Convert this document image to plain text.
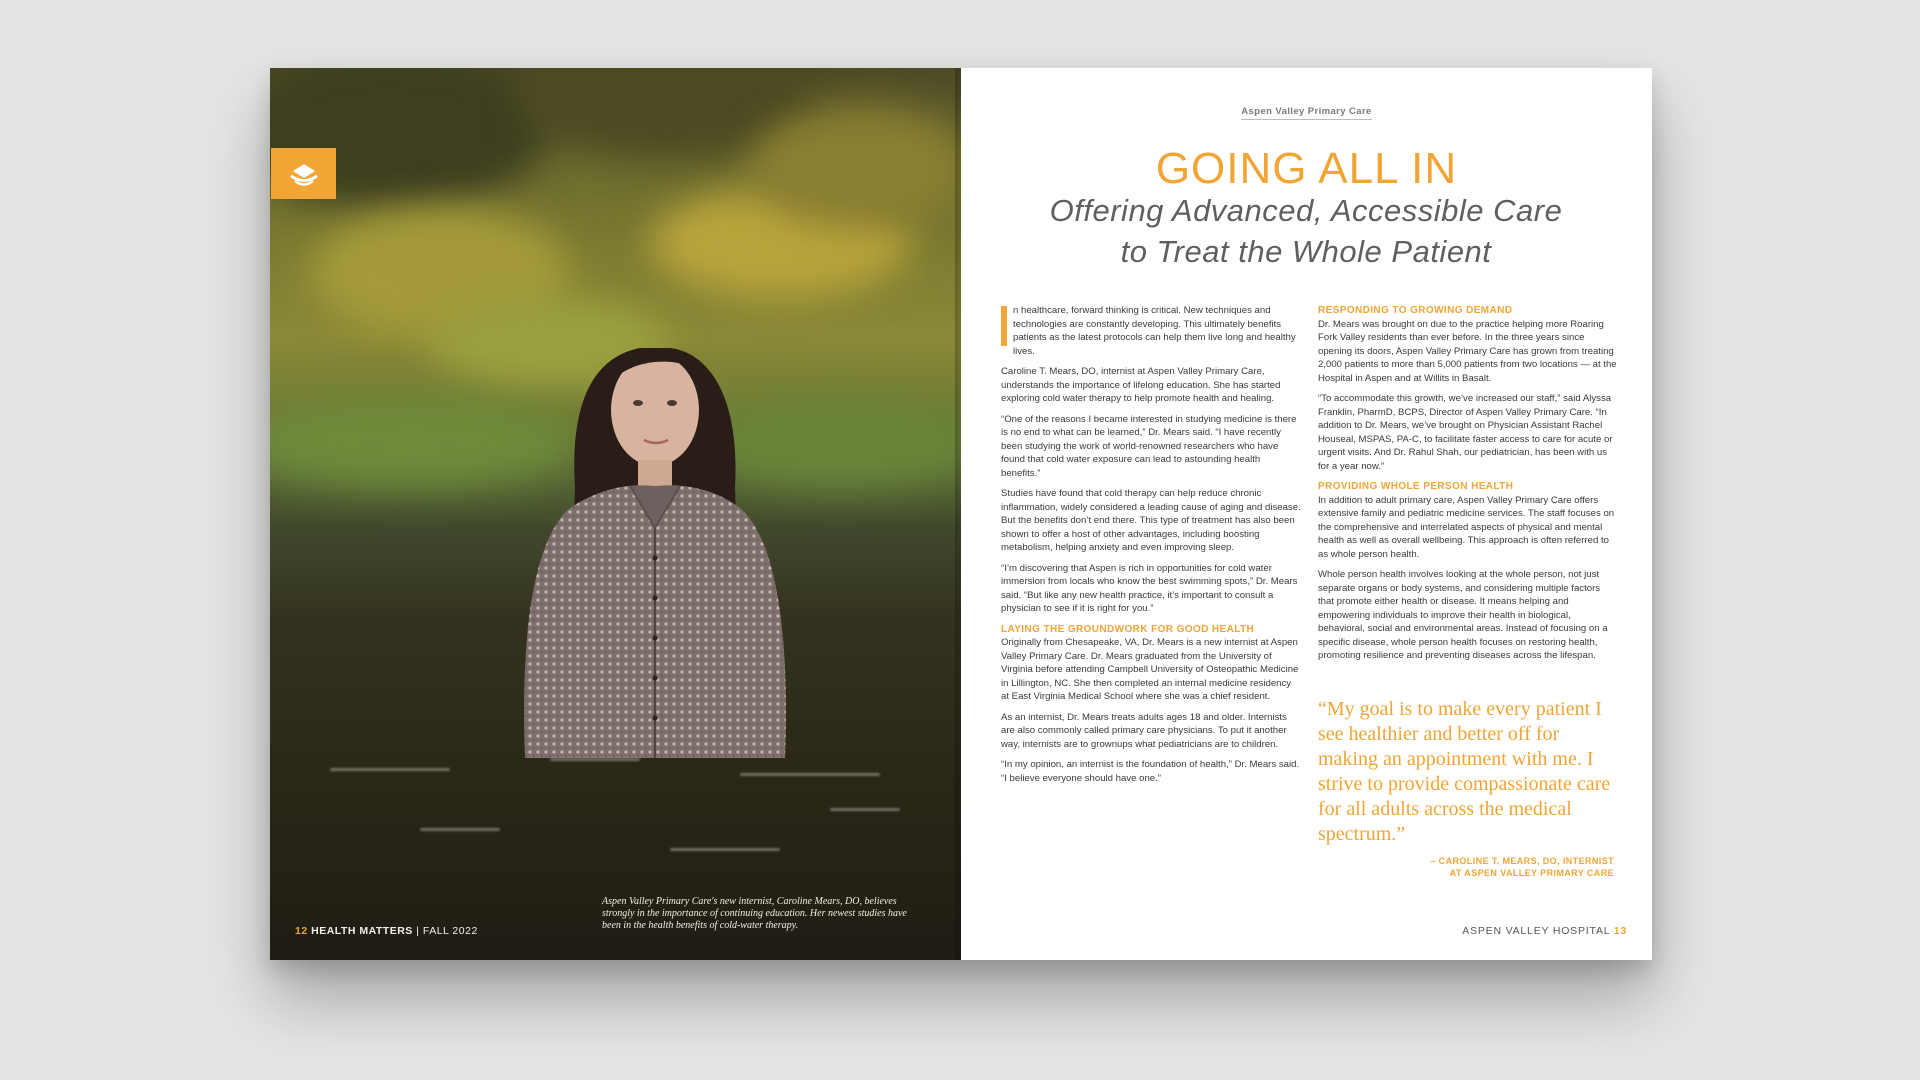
Aspen Valley Primary Care's new internist, Caroline Mears, DO, believes strongly in the importance of continuing education. Her newest studies have been in the health benefits of cold-water therapy.
12 HEALTH MATTERS | FALL 2022
Aspen Valley Primary Care
GOING ALL IN
Offering Advanced, Accessible Care
to Treat the Whole Patient

n healthcare, forward thinking is critical. New techniques and technologies are constantly developing. This ultimately benefits patients as the latest protocols can help them live long and healthy lives.

Caroline T. Mears, DO, internist at Aspen Valley Primary Care, understands the importance of lifelong education. She has started exploring cold water therapy to help promote health and healing.

“One of the reasons I became interested in studying medicine is there is no end to what can be learned,” Dr. Mears said. “I have recently been studying the work of world-renowned researchers who have found that cold water exposure can lead to astounding health benefits.”

Studies have found that cold therapy can help reduce chronic inflammation, widely considered a leading cause of aging and disease. But the benefits don’t end there. This type of treatment has also been shown to offer a host of other advantages, including boosting metabolism, helping anxiety and even improving sleep.

“I’m discovering that Aspen is rich in opportunities for cold water immersion from locals who know the best swimming spots,” Dr. Mears said. “But like any new health practice, it’s important to consult a physician to see if it is right for you.”

LAYING THE GROUNDWORK FOR GOOD HEALTH

Originally from Chesapeake, VA, Dr. Mears is a new internist at Aspen Valley Primary Care. Dr. Mears graduated from the University of Virginia before attending Campbell University of Osteopathic Medicine in Lillington, NC. She then completed an internal medicine residency at East Virginia Medical School where she was a chief resident.

As an internist, Dr. Mears treats adults ages 18 and older. Internists are also commonly called primary care physicians. To put it another way, internists are to grownups what pediatricians are to children.

“In my opinion, an internist is the foundation of health,” Dr. Mears said. “I believe everyone should have one.”

RESPONDING TO GROWING DEMAND

Dr. Mears was brought on due to the practice helping more Roaring Fork Valley residents than ever before. In the three years since opening its doors, Aspen Valley Primary Care has grown from treating 2,000 patients to more than 5,000 patients from two locations — at the Hospital in Aspen and at Willits in Basalt.

“To accommodate this growth, we’ve increased our staff,” said Alyssa Franklin, PharmD, BCPS, Director of Aspen Valley Primary Care. “In addition to Dr. Mears, we’ve brought on Physician Assistant Rachel Houseal, MSPAS, PA-C, to facilitate faster access to care for acute or urgent visits. And Dr. Rahul Shah, our pediatrician, has been with us for a year now.”

PROVIDING WHOLE PERSON HEALTH

In addition to adult primary care, Aspen Valley Primary Care offers extensive family and pediatric medicine services. The staff focuses on the comprehensive and interrelated aspects of physical and mental health as well as overall wellbeing. This approach is often referred to as whole person health.

Whole person health involves looking at the whole person, not just separate organs or body systems, and considering multiple factors that promote either health or disease. It means helping and empowering individuals to improve their health in biological, behavioral, social and environmental areas. Instead of focusing on a specific disease, whole person health focuses on restoring health, promoting resilience and preventing diseases across the lifespan.

“My goal is to make every patient I see healthier and better off for making an appointment with me. I strive to provide compassionate care for all adults across the medical spectrum.”
– CAROLINE T. MEARS, DO, INTERNIST
AT ASPEN VALLEY PRIMARY CARE
ASPEN VALLEY HOSPITAL 13
